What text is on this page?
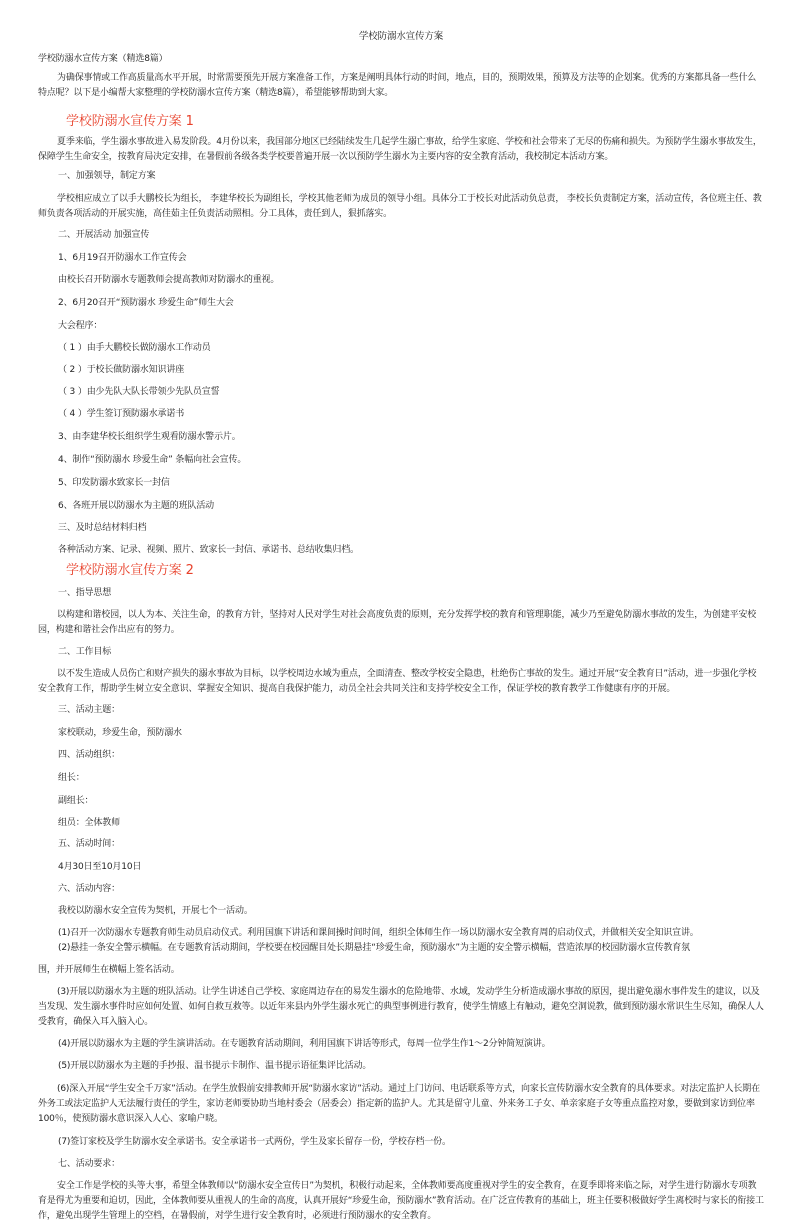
学校防溺水宣传方案

学校防溺水宣传方案（精选8篇）

为确保事情或工作高质量高水平开展，时常需要预先开展方案准备工作，方案是阐明具体行动的时间，地点，目的，预期效果，预算及方法等的企划案。优秀的方案都具备一些什么特点呢？以下是小编帮大家整理的学校防溺水宣传方案（精选8篇），希望能够帮助到大家。

学校防溺水宣传方案 1

夏季来临，学生溺水事故进入易发阶段。4月份以来，我国部分地区已经陆续发生几起学生溺亡事故，给学生家庭、学校和社会带来了无尽的伤痛和损失。为预防学生溺水事故发生，保障学生生命安全，按教育局决定安排，在暑假前各级各类学校要普遍开展一次以预防学生溺水为主要内容的安全教育活动，我校制定本活动方案。

一、加强领导，制定方案

学校相应成立了以手大鹏校长为组长， 李建华校长为副组长，学校其他老师为成员的领导小组。具体分工于校长对此活动负总责， 李校长负责制定方案，活动宣传，各位班主任、教师负责各项活动的开展实施，高佳茹主任负责活动照相。分工具体，责任到人，狠抓落实。

二、开展活动 加强宣传

1、6月19召开防溺水工作宣传会

由校长召开防溺水专题教师会提高教师对防溺水的重视。

2、6月20召开“预防溺水 珍爱生命”师生大会

大会程序：

（ 1 ）由手大鹏校长做防溺水工作动员

（ 2 ）于校长做防溺水知识讲座

（ 3 ）由少先队大队长带领少先队员宣誓

（ 4 ）学生签订预防溺水承诺书

3、由李建华校长组织学生观看防溺水警示片。

4、制作“预防溺水 珍爱生命” 条幅向社会宣传。

5、印发防溺水致家长一封信

6、各班开展以防溺水为主题的班队活动

三、及时总结材料归档

各种活动方案、记录、视频、照片、致家长一封信、承诺书、总结收集归档。

学校防溺水宣传方案 2

一、指导思想

以构建和谐校园，以人为本、关注生命，的教育方针，坚持对人民对学生对社会高度负责的原则，充分发挥学校的教育和管理职能，减少乃至避免防溺水事故的发生，为创建平安校园，构建和谐社会作出应有的努力。

二、工作目标

以不发生造成人员伤亡和财产损失的溺水事故为目标，以学校周边水域为重点，全面清查、整改学校安全隐患，杜绝伤亡事故的发生。通过开展“安全教育日”活动，进一步强化学校安全教育工作，帮助学生树立安全意识、掌握安全知识、提高自我保护能力，动员全社会共同关注和支持学校安全工作，保证学校的教育教学工作健康有序的开展。

三、活动主题：

家校联动，珍爱生命，预防溺水

四、活动组织：

组长：

副组长：

组员：全体教师

五、活动时间：

4月30日至10月10日

六、活动内容：

我校以防溺水安全宣传为契机，开展七个一活动。

(1)召开一次防溺水专题教育师生动员启动仪式。利用国旗下讲话和课间操时间时间，组织全体师生作一场以防溺水安全教育周的启动仪式，并做相关安全知识宣讲。

(2)悬挂一条安全警示横幅。在专题教育活动期间，学校要在校园醒目处长期悬挂“珍爱生命，预防溺水”为主题的安全警示横幅，营造浓厚的校园防溺水宣传教育氛

围，并开展师生在横幅上签名活动。

(3)开展以防溺水为主题的班队活动。让学生讲述自己学校、家庭周边存在的易发生溺水的危险地带、水域，发动学生分析造成溺水事故的原因，提出避免溺水事件发生的建议，以及当发现、发生溺水事件时应如何处置、如何自救互救等。以近年来县内外学生溺水死亡的典型事例进行教育，使学生情感上有触动，避免空洞说教，做到预防溺水常识生生尽知，确保人人受教育，确保入耳入脑入心。

(4)开展以防溺水为主题的学生演讲活动。在专题教育活动期间，利用国旗下讲话等形式，每周一位学生作1～2分钟简短演讲。

(5)开展以防溺水为主题的手抄报、温书提示卡制作、温书提示语征集评比活动。

(6)深入开展“学生安全千万家”活动。在学生放假前安排教师开展“防溺水家访”活动。通过上门访问、电话联系等方式，向家长宣传防溺水安全教育的具体要求。对法定监护人长期在外务工或法定监护人无法履行责任的学生，家访老师要协助当地村委会（居委会）指定新的监护人。尤其是留守儿童、外来务工子女、单亲家庭子女等重点监控对象，要做到家访到位率100％，使预防溺水意识深入人心、家喻户晓。

(7)签订家校及学生防溺水安全承诺书。安全承诺书一式两份，学生及家长留存一份，学校存档一份。

七、活动要求：

安全工作是学校的头等大事，希望全体教师以“防溺水安全宣传日”为契机，积极行动起来，全体教师要高度重视对学生的安全教育，在夏季即将来临之际，对学生进行防溺水专项教育是得尤为重要和迫切，因此，全体教师要从重视人的生命的高度，认真开展好“珍爱生命，预防溺水”教育活动。在广泛宣传教育的基础上，班主任要积极做好学生离校时与家长的衔接工作，避免出现学生管理上的空档，在暑假前，对学生进行安全教育时，必须进行预防溺水的安全教育。
